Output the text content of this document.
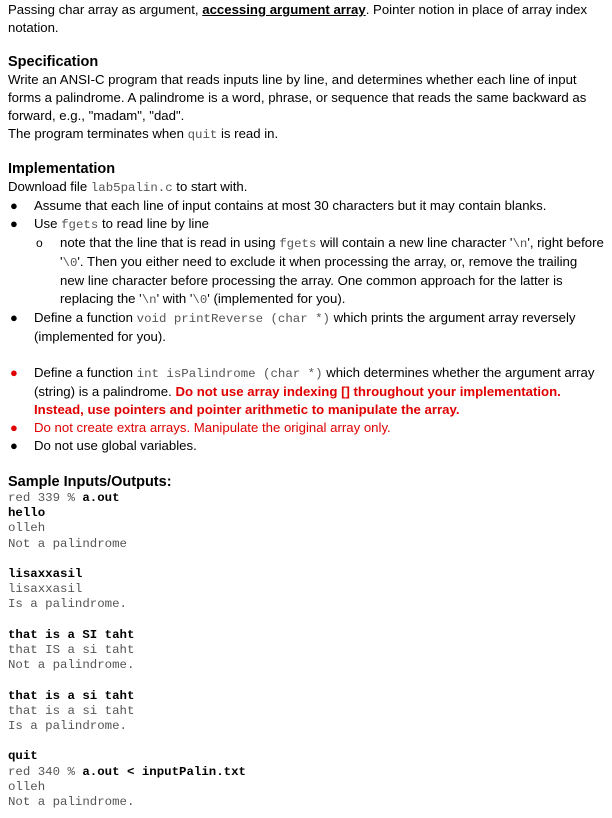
Passing char array as argument, accessing argument array. Pointer notion in place of array index notation.

Specification

Write an ANSI-C program that reads inputs line by line, and determines whether each line of input forms a palindrome. A palindrome is a word, phrase, or sequence that reads the same backward as forward, e.g., "madam", "dad".

The program terminates when quit is read in.

Implementation

Download file lab5palin.c to start with.

● Assume that each line of input contains at most 30 characters but it may contain blanks.
● Use fgets to read line by line
o note that the line that is read in using fgets will contain a new line character '\n', right before '\0'. Then you either need to exclude it when processing the array, or, remove the trailing new line character before processing the array. One common approach for the latter is replacing the '\n' with '\0' (implemented for you).
● Define a function void printReverse (char *) which prints the argument array reversely (implemented for you).
● Define a function int isPalindrome (char *) which determines whether the argument array (string) is a palindrome. Do not use array indexing [] throughout your implementation. Instead, use pointers and pointer arithmetic to manipulate the array.
● Do not create extra arrays. Manipulate the original array only.
● Do not use global variables.
Sample Inputs/Outputs:
red 339 % a.out
hello
olleh
Not a palindrome
lisaxxasil
lisaxxasil
Is a palindrome.
that is a SI taht
that IS a si taht
Not a palindrome.
that is a si taht
that is a si taht
Is a palindrome.
quit
red 340 % a.out < inputPalin.txt
olleh
Not a palindrome.
